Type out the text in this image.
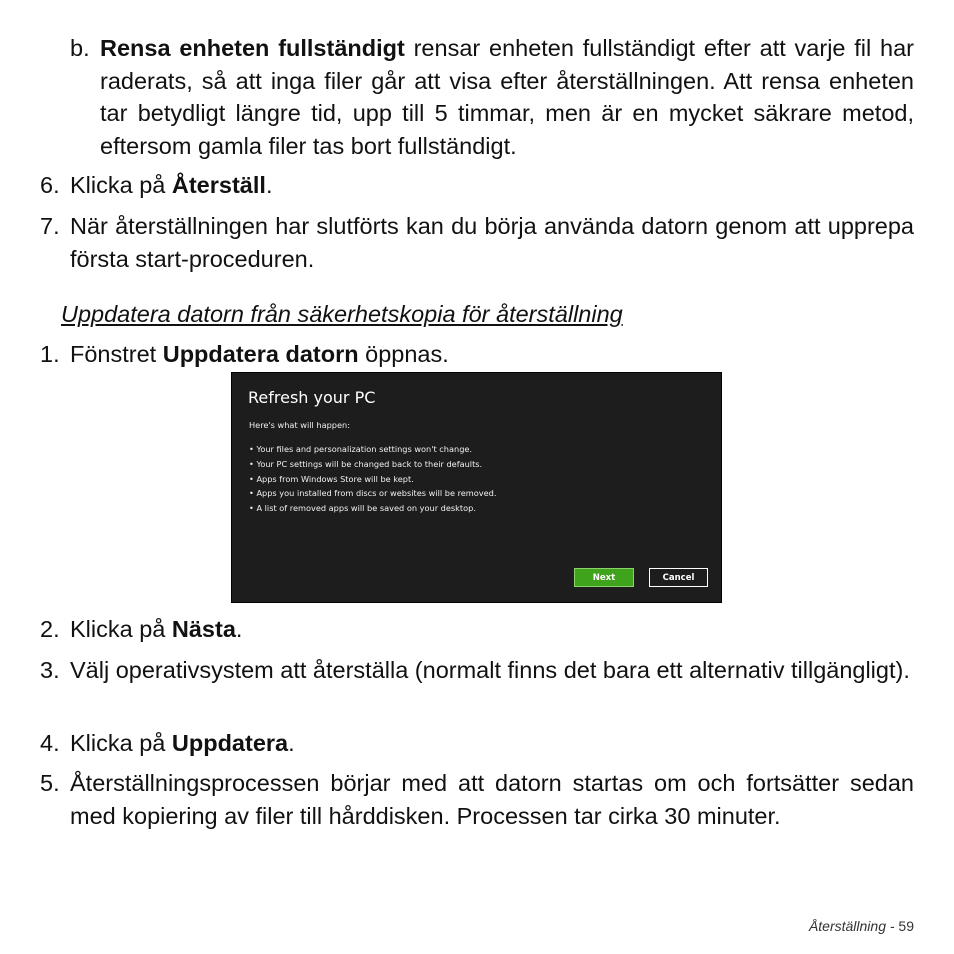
b. Rensa enheten fullständigt rensar enheten fullständigt efter att varje fil har raderats, så att inga filer går att visa efter återställningen. Att rensa enheten tar betydligt längre tid, upp till 5 timmar, men är en mycket säkrare metod, eftersom gamla filer tas bort fullständigt.
6. Klicka på Återställ.
7. När återställningen har slutförts kan du börja använda datorn genom att upprepa första start-proceduren.
Uppdatera datorn från säkerhetskopia för återställning
1. Fönstret Uppdatera datorn öppnas.
Refresh your PC
Here's what will happen:
• Your files and personalization settings won't change.
• Your PC settings will be changed back to their defaults.
• Apps from Windows Store will be kept.
• Apps you installed from discs or websites will be removed.
• A list of removed apps will be saved on your desktop.
Next	Cancel
2. Klicka på Nästa.
3. Välj operativsystem att återställa (normalt finns det bara ett alternativ tillgängligt).
4. Klicka på Uppdatera.
5. Återställningsprocessen börjar med att datorn startas om och fortsätter sedan med kopiering av filer till hårddisken. Processen tar cirka 30 minuter.
Återställning - 59
